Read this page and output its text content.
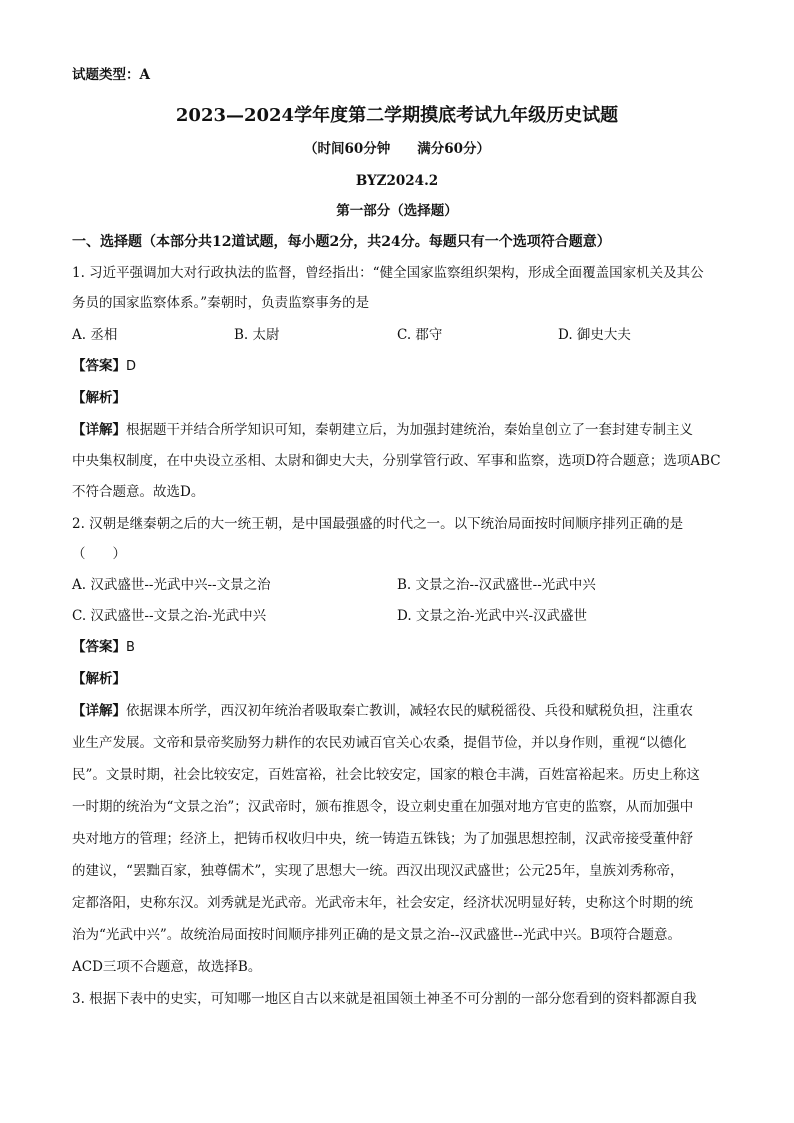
试题类型：A
2023—2024学年度第二学期摸底考试九年级历史试题
（时间60分钟　　满分60分）
BYZ2024.2
第一部分（选择题）
一、选择题（本部分共12道试题，每小题2分，共24分。每题只有一个选项符合题意）
1. 习近平强调加大对行政执法的监督，曾经指出：“健全国家监察组织架构，形成全面覆盖国家机关及其公
务员的国家监察体系。”秦朝时，负责监察事务的是
A. 丞相	B. 太尉	C. 郡守	D. 御史大夫
【答案】D
【解析】
【详解】根据题干并结合所学知识可知，秦朝建立后，为加强封建统治，秦始皇创立了一套封建专制主义
中央集权制度，在中央设立丞相、太尉和御史大夫，分别掌管行政、军事和监察，选项D符合题意；选项ABC
不符合题意。故选D。
2. 汉朝是继秦朝之后的大一统王朝，是中国最强盛的时代之一。以下统治局面按时间顺序排列正确的是
（　　）
A. 汉武盛世--光武中兴--文景之治	B. 文景之治--汉武盛世--光武中兴
C. 汉武盛世--文景之治-光武中兴	D. 文景之治-光武中兴-汉武盛世
【答案】B
【解析】
【详解】依据课本所学，西汉初年统治者吸取秦亡教训，减轻农民的赋税徭役、兵役和赋税负担，注重农
业生产发展。文帝和景帝奖励努力耕作的农民劝诫百官关心农桑，提倡节俭，并以身作则，重视“以德化
民”。文景时期，社会比较安定，百姓富裕，社会比较安定，国家的粮仓丰满，百姓富裕起来。历史上称这
一时期的统治为“文景之治”；汉武帝时，颁布推恩令，设立刺史重在加强对地方官吏的监察，从而加强中
央对地方的管理；经济上，把铸币权收归中央，统一铸造五铢钱；为了加强思想控制，汉武帝接受董仲舒
的建议，“罢黜百家，独尊儒术”，实现了思想大一统。西汉出现汉武盛世；公元25年，皇族刘秀称帝，
定都洛阳，史称东汉。刘秀就是光武帝。光武帝末年，社会安定，经济状况明显好转，史称这个时期的统
治为“光武中兴”。故统治局面按时间顺序排列正确的是文景之治--汉武盛世--光武中兴。B项符合题意。
ACD三项不合题意，故选择B。
3. 根据下表中的史实，可知哪一地区自古以来就是祖国领土神圣不可分割的一部分您看到的资料都源自我
